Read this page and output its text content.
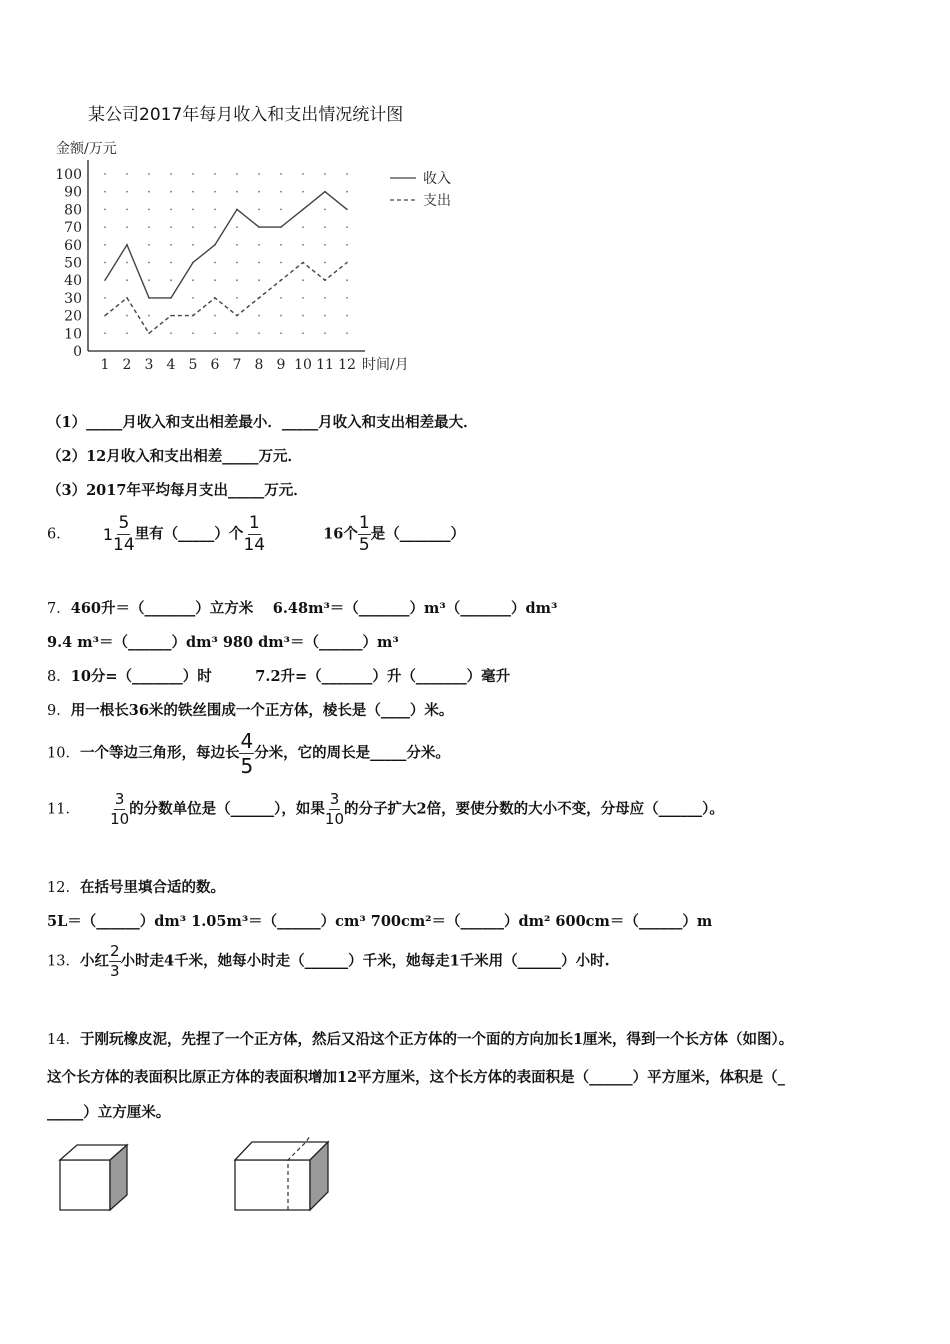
某公司2017年每月收入和支出情况统计图
0
10
20
30
40
50
60
70
80
90
100
1 2 3 4 5 6 7 8 9 10 11 12
金额/万元
时间/月
收入
支出
（1）_____月收入和支出相差最小．_____月收入和支出相差最大．
（2）12月收入和支出相差_____万元．
（3）2017年平均每月支出_____万元．
6． $1 \frac{5}{14}$ 里有（_____）个 $\frac{1}{14}$	16个 $\frac{1}{5}$ 是（_______）
7．460升＝（_______）立方米　 6.48m³＝（_______）m³（_______）dm³
9.4 m³＝（______）dm³ 980 dm³＝（______）m³
8．10分=（_______）时　　　7.2升=（_______）升（_______）毫升
9．用一根长36米的铁丝围成一个正方体，棱长是（____）米。
10．一个等边三角形，每边长 $\frac{4}{5}$ 分米，它的周长是_____分米。
11． $\frac{3}{10}$ 的分数单位是（______），如果 $\frac{3}{10}$ 的分子扩大2倍，要使分数的大小不变，分母应（______）。
12．在括号里填合适的数。
5L＝（______）dm³ 1.05m³＝（______）cm³ 700cm²＝（______）dm² 600cm＝（______）m
13．小红 $\frac{2}{3}$ 小时走4千米，她每小时走（______）千米，她每走1千米用（______）小时.
14．于刚玩橡皮泥，先捏了一个正方体，然后又沿这个正方体的一个面的方向加长1厘米，得到一个长方体（如图）。
这个长方体的表面积比原正方体的表面积增加12平方厘米，这个长方体的表面积是（______）平方厘米，体积是（_
_____）立方厘米。
